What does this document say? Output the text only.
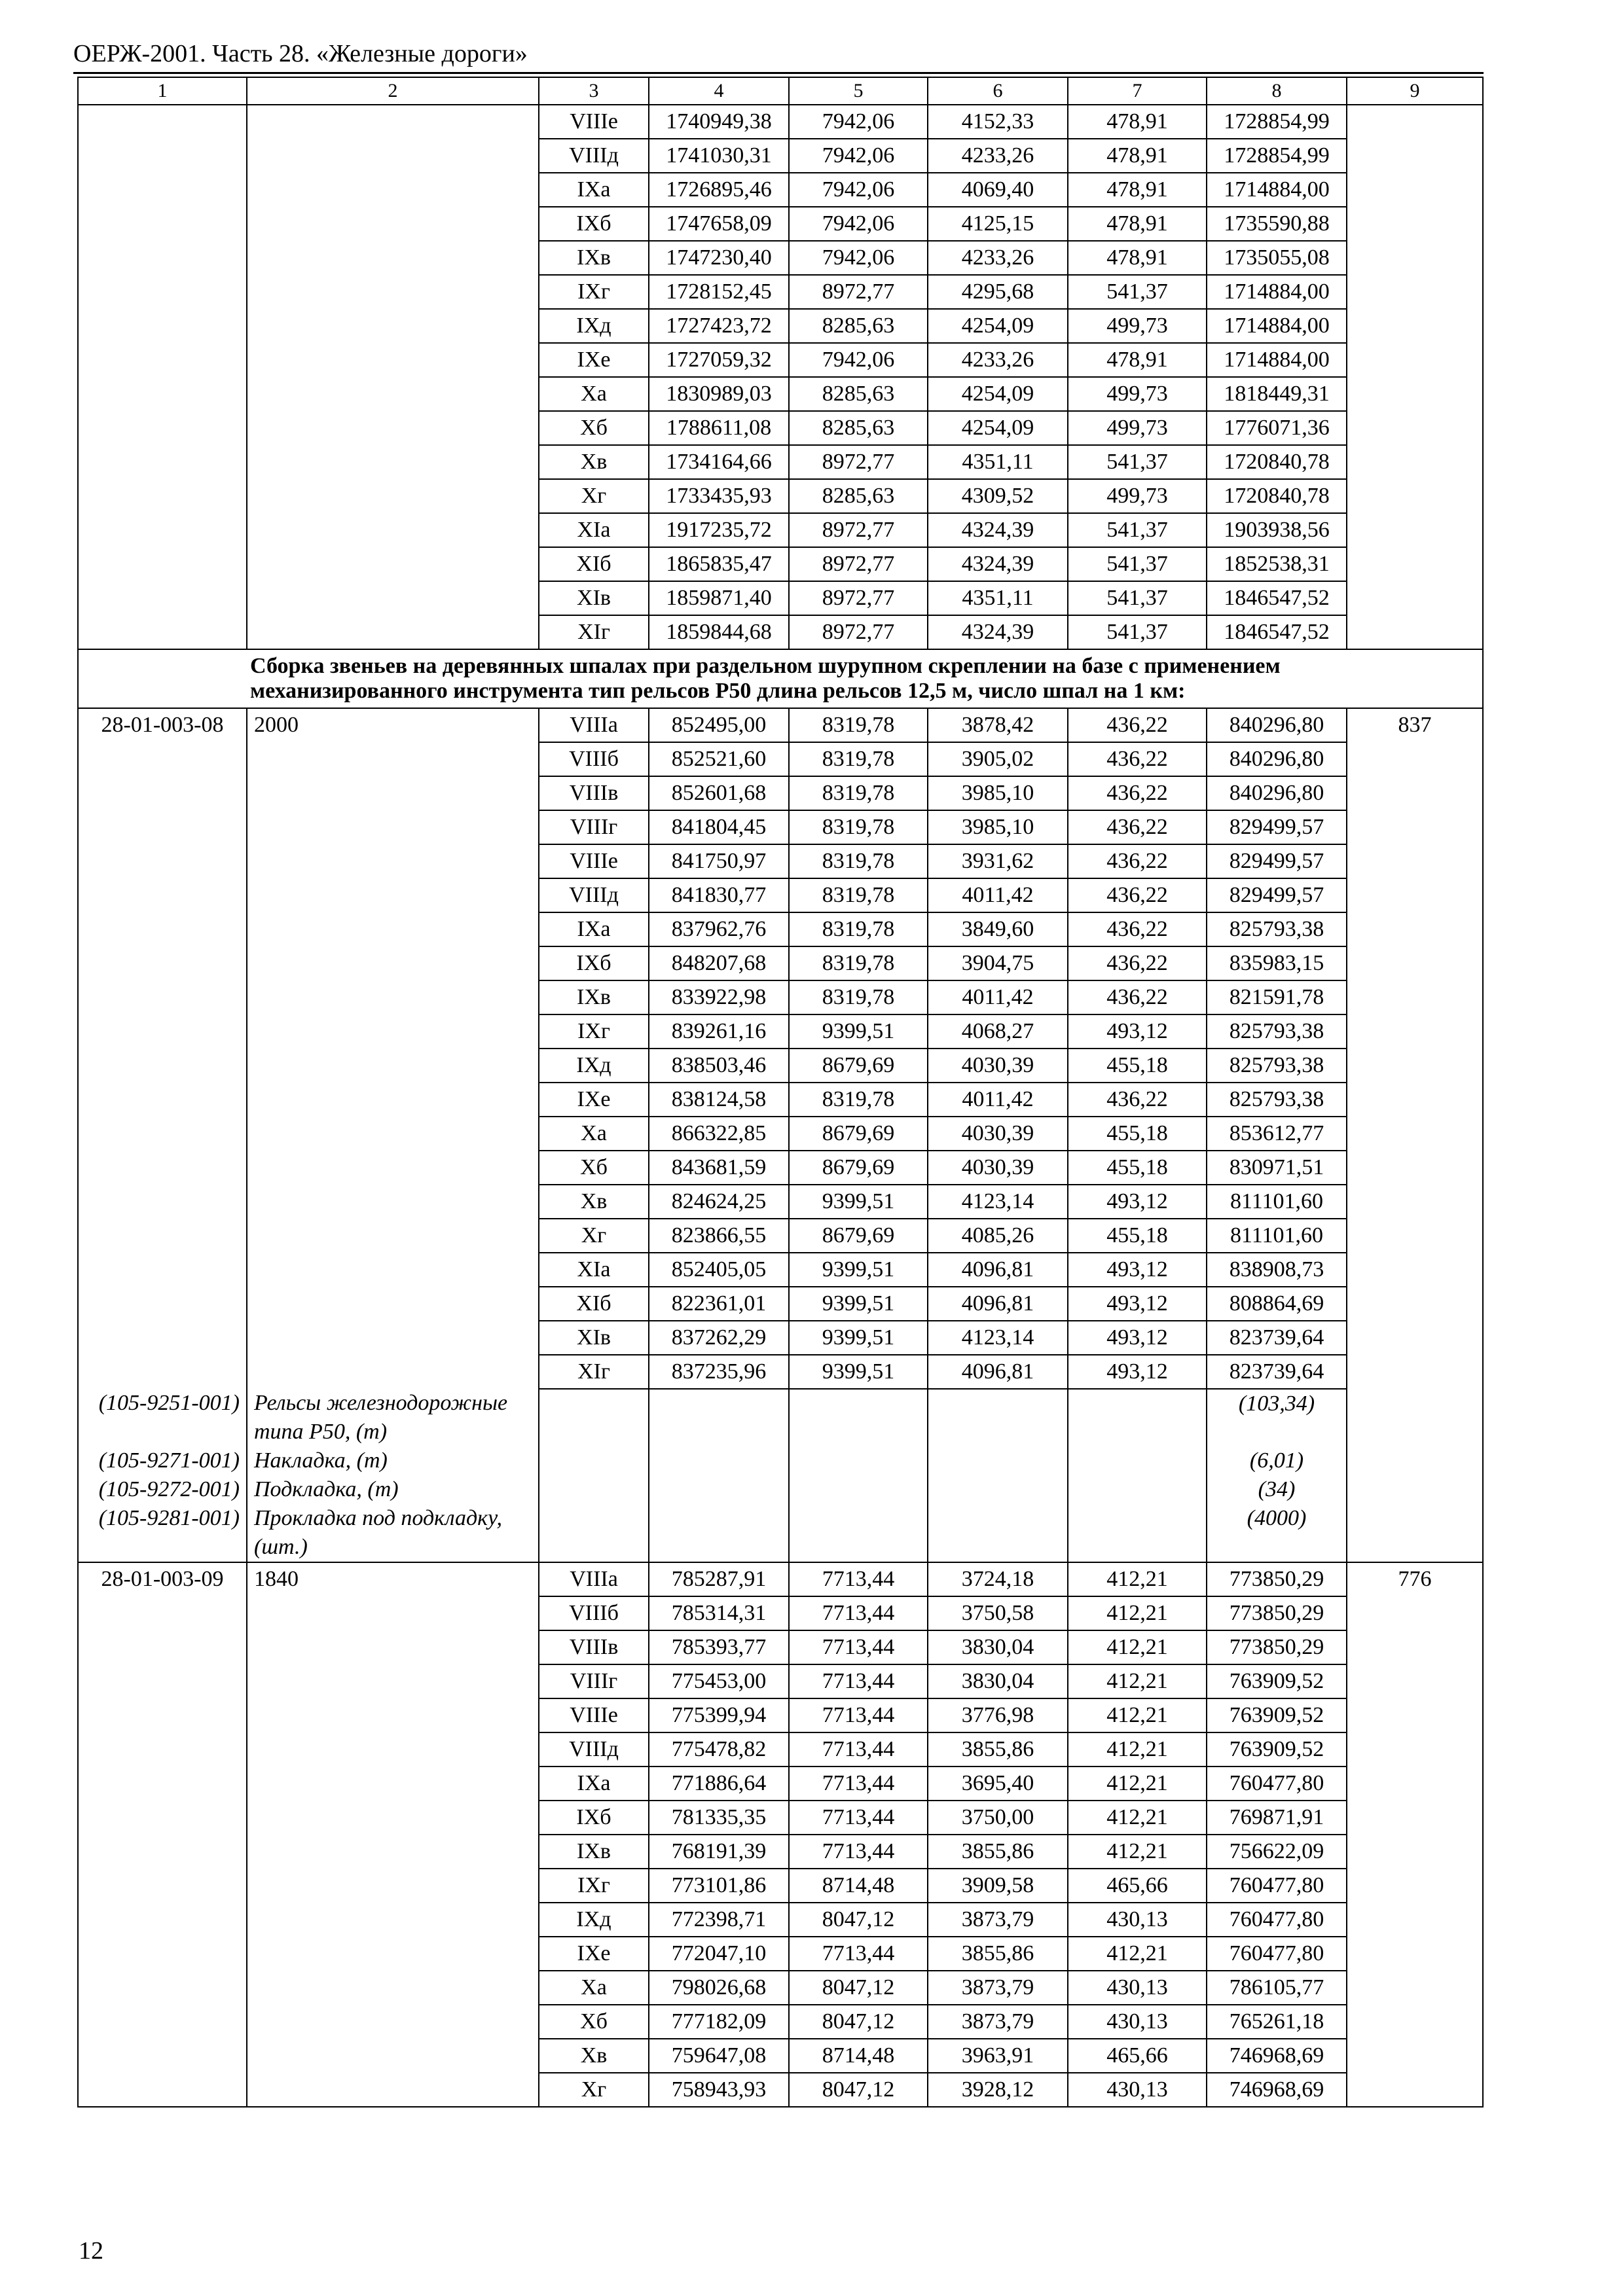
ОЕРЖ-2001. Часть 28. «Железные дороги»
1	2	3	4	5	6	7	8	9
		VIIIе	1740949,38	7942,06	4152,33	478,91	1728854,99	
		VIIIд	1741030,31	7942,06	4233,26	478,91	1728854,99	
		IXа	1726895,46	7942,06	4069,40	478,91	1714884,00	
		IXб	1747658,09	7942,06	4125,15	478,91	1735590,88	
		IXв	1747230,40	7942,06	4233,26	478,91	1735055,08	
		IXг	1728152,45	8972,77	4295,68	541,37	1714884,00	
		IXд	1727423,72	8285,63	4254,09	499,73	1714884,00	
		IXе	1727059,32	7942,06	4233,26	478,91	1714884,00	
		Xа	1830989,03	8285,63	4254,09	499,73	1818449,31	
		Xб	1788611,08	8285,63	4254,09	499,73	1776071,36	
		Xв	1734164,66	8972,77	4351,11	541,37	1720840,78	
		Xг	1733435,93	8285,63	4309,52	499,73	1720840,78	
		XIа	1917235,72	8972,77	4324,39	541,37	1903938,56	
		XIб	1865835,47	8972,77	4324,39	541,37	1852538,31	
		XIв	1859871,40	8972,77	4351,11	541,37	1846547,52	
		XIг	1859844,68	8972,77	4324,39	541,37	1846547,52	

Сборка звеньев на деревянных шпалах при раздельном шурупном скреплении на базе с применением
механизированного инструмента тип рельсов Р50 длина рельсов 12,5 м, число шпал на 1 км:								

28-01-003-08	2000	VIIIа	852495,00	8319,78	3878,42	436,22	840296,80	837
		VIIIб	852521,60	8319,78	3905,02	436,22	840296,80	
		VIIIв	852601,68	8319,78	3985,10	436,22	840296,80	
		VIIIг	841804,45	8319,78	3985,10	436,22	829499,57	
		VIIIе	841750,97	8319,78	3931,62	436,22	829499,57	
		VIIIд	841830,77	8319,78	4011,42	436,22	829499,57	
		IXа	837962,76	8319,78	3849,60	436,22	825793,38	
		IXб	848207,68	8319,78	3904,75	436,22	835983,15	
		IXв	833922,98	8319,78	4011,42	436,22	821591,78	
		IXг	839261,16	9399,51	4068,27	493,12	825793,38	
		IXд	838503,46	8679,69	4030,39	455,18	825793,38	
		IXе	838124,58	8319,78	4011,42	436,22	825793,38	
		Xа	866322,85	8679,69	4030,39	455,18	853612,77	
		Xб	843681,59	8679,69	4030,39	455,18	830971,51	
		Xв	824624,25	9399,51	4123,14	493,12	811101,60	
		Xг	823866,55	8679,69	4085,26	455,18	811101,60	
		XIа	852405,05	9399,51	4096,81	493,12	838908,73	
		XIб	822361,01	9399,51	4096,81	493,12	808864,69	
		XIв	837262,29	9399,51	4123,14	493,12	823739,64	
		XIг	837235,96	9399,51	4096,81	493,12	823739,64	
(105-9251-001)	Рельсы железнодорожные типа Р50, (т)						(103,34)	
(105-9271-001)	Накладка, (т)						(6,01)	
(105-9272-001)	Подкладка, (т)						(34)	
(105-9281-001)	Прокладка под подкладку, (шт.)						(4000)	
28-01-003-09	1840	VIIIа	785287,91	7713,44	3724,18	412,21	773850,29	776
		VIIIб	785314,31	7713,44	3750,58	412,21	773850,29	
		VIIIв	785393,77	7713,44	3830,04	412,21	773850,29	
		VIIIг	775453,00	7713,44	3830,04	412,21	763909,52	
		VIIIе	775399,94	7713,44	3776,98	412,21	763909,52	
		VIIIд	775478,82	7713,44	3855,86	412,21	763909,52	
		IXа	771886,64	7713,44	3695,40	412,21	760477,80	
		IXб	781335,35	7713,44	3750,00	412,21	769871,91	
		IXв	768191,39	7713,44	3855,86	412,21	756622,09	
		IXг	773101,86	8714,48	3909,58	465,66	760477,80	
		IXд	772398,71	8047,12	3873,79	430,13	760477,80	
		IXе	772047,10	7713,44	3855,86	412,21	760477,80	
		Xа	798026,68	8047,12	3873,79	430,13	786105,77	
		Xб	777182,09	8047,12	3873,79	430,13	765261,18	
		Xв	759647,08	8714,48	3963,91	465,66	746968,69	
		Xг	758943,93	8047,12	3928,12	430,13	746968,69	
12
